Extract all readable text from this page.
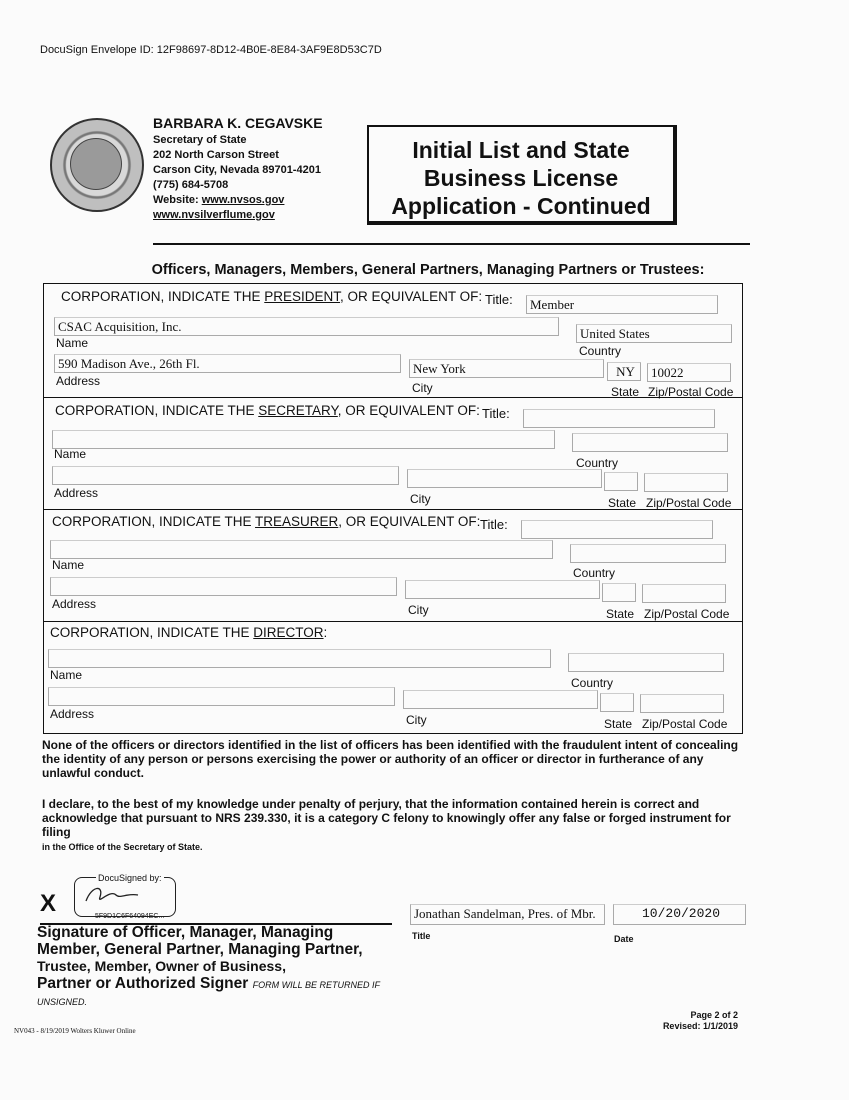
DocuSign Envelope ID: 12F98697-8D12-4B0E-8E84-3AF9E8D53C7D
BARBARA K. CEGAVSKE
Secretary of State
202 North Carson Street
Carson City, Nevada 89701-4201
(775) 684-5708
Website: www.nvsos.gov
www.nvsilverflume.gov
Initial List and State
Business License
Application - Continued
Officers, Managers, Members, General Partners, Managing Partners or Trustees:
CORPORATION, INDICATE THE PRESIDENT, OR EQUIVALENT OF: Title:	Member
CSAC Acquisition, Inc.	United States
Name
Country
590 Madison Ave., 26th Fl.	New York	NY	10022
Address	City	State Zip/Postal Code
CORPORATION, INDICATE THE SECRETARY, OR EQUIVALENT OF: Title:
Name
Country
Address	City	State Zip/Postal Code
CORPORATION, INDICATE THE TREASURER, OR EQUIVALENT OF: Title:
Name
Country
Address	City	State Zip/Postal Code
CORPORATION, INDICATE THE DIRECTOR:
Name
Country
Address	City	State Zip/Postal Code
None of the officers or directors identified in the list of officers has been identified with the fraudulent intent of concealing the identity of any person or persons exercising the power or authority of an officer or director in furtherance of any unlawful conduct.
I declare, to the best of my knowledge under penalty of perjury, that the information contained herein is correct and acknowledge that pursuant to NRS 239.330, it is a category C felony to knowingly offer any false or forged instrument for filing
in the Office of the Secretary of State.
DocuSigned by:
5F9D1C6F64094EC...
X
Signature of Officer, Manager, Managing
Member, General Partner, Managing Partner,
Trustee, Member, Owner of Business,
Partner or Authorized Signer FORM WILL BE RETURNED IF
UNSIGNED.
Jonathan Sandelman, Pres. of Mbr.
Title
10/20/2020
Date
NV043 - 8/19/2019 Wolters Kluwer Online
Page 2 of 2
Revised: 1/1/2019
